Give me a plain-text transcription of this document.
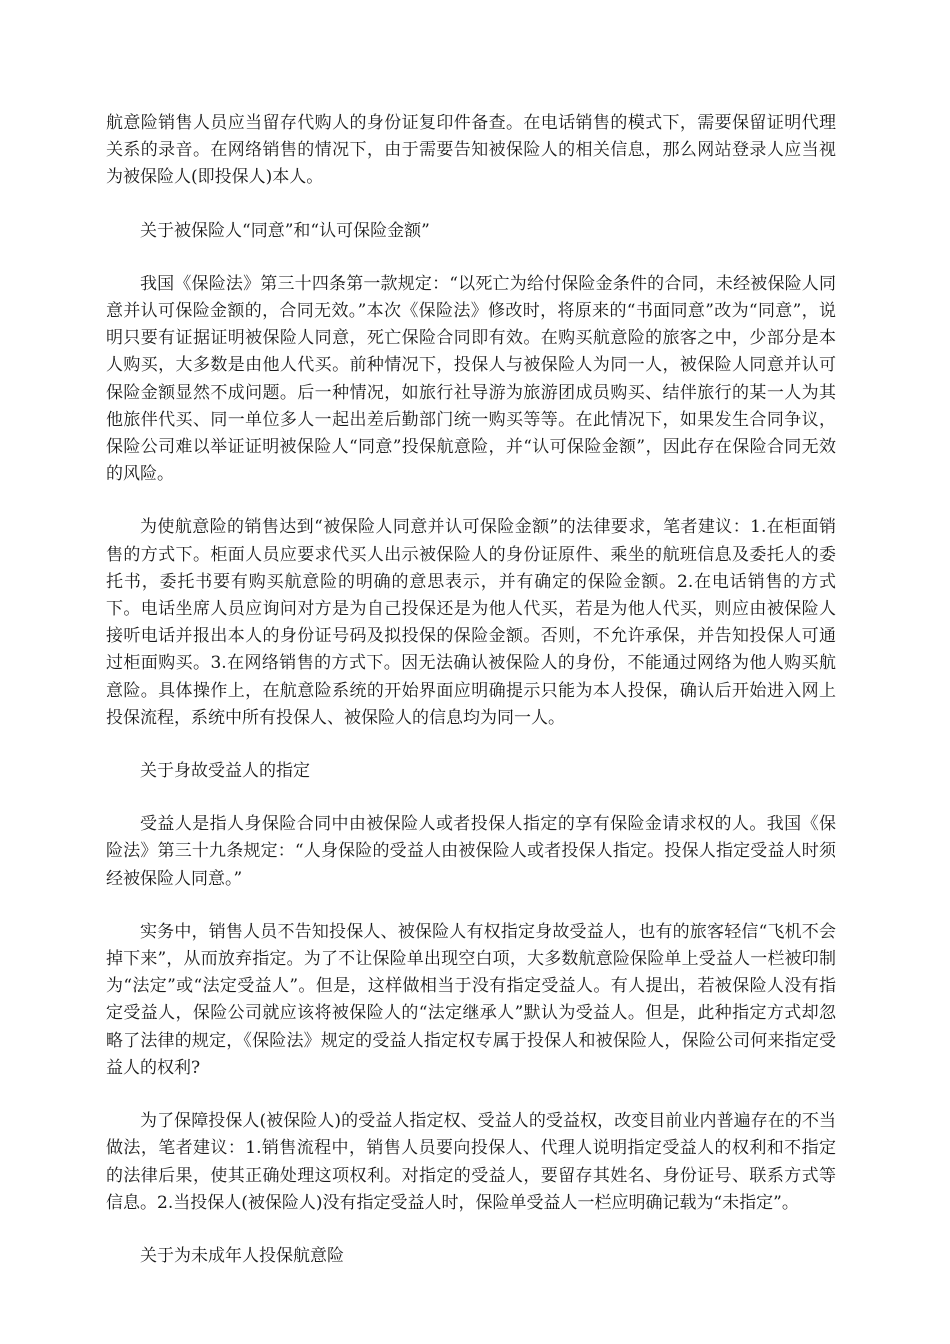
航意险销售人员应当留存代购人的身份证复印件备查。在电话销售的模式下，需要保留证明代理关系的录音。在网络销售的情况下，由于需要告知被保险人的相关信息，那么网站登录人应当视为被保险人(即投保人)本人。

关于被保险人“同意”和“认可保险金额”

我国《保险法》第三十四条第一款规定：“以死亡为给付保险金条件的合同，未经被保险人同意并认可保险金额的，合同无效。”本次《保险法》修改时，将原来的“书面同意”改为“同意”，说明只要有证据证明被保险人同意，死亡保险合同即有效。在购买航意险的旅客之中，少部分是本人购买，大多数是由他人代买。前种情况下，投保人与被保险人为同一人，被保险人同意并认可保险金额显然不成问题。后一种情况，如旅行社导游为旅游团成员购买、结伴旅行的某一人为其他旅伴代买、同一单位多人一起出差后勤部门统一购买等等。在此情况下，如果发生合同争议，保险公司难以举证证明被保险人“同意”投保航意险，并“认可保险金额”，因此存在保险合同无效的风险。

为使航意险的销售达到“被保险人同意并认可保险金额”的法律要求，笔者建议：1.在柜面销售的方式下。柜面人员应要求代买人出示被保险人的身份证原件、乘坐的航班信息及委托人的委托书，委托书要有购买航意险的明确的意思表示，并有确定的保险金额。2.在电话销售的方式下。电话坐席人员应询问对方是为自己投保还是为他人代买，若是为他人代买，则应由被保险人接听电话并报出本人的身份证号码及拟投保的保险金额。否则，不允许承保，并告知投保人可通过柜面购买。3.在网络销售的方式下。因无法确认被保险人的身份，不能通过网络为他人购买航意险。具体操作上，在航意险系统的开始界面应明确提示只能为本人投保，确认后开始进入网上投保流程，系统中所有投保人、被保险人的信息均为同一人。

关于身故受益人的指定

受益人是指人身保险合同中由被保险人或者投保人指定的享有保险金请求权的人。我国《保险法》第三十九条规定：“人身保险的受益人由被保险人或者投保人指定。投保人指定受益人时须经被保险人同意。”

实务中，销售人员不告知投保人、被保险人有权指定身故受益人，也有的旅客轻信“飞机不会掉下来”，从而放弃指定。为了不让保险单出现空白项，大多数航意险保险单上受益人一栏被印制为“法定”或“法定受益人”。但是，这样做相当于没有指定受益人。有人提出，若被保险人没有指定受益人，保险公司就应该将被保险人的“法定继承人”默认为受益人。但是，此种指定方式却忽略了法律的规定，《保险法》规定的受益人指定权专属于投保人和被保险人，保险公司何来指定受益人的权利?

为了保障投保人(被保险人)的受益人指定权、受益人的受益权，改变目前业内普遍存在的不当做法，笔者建议：1.销售流程中，销售人员要向投保人、代理人说明指定受益人的权利和不指定的法律后果，使其正确处理这项权利。对指定的受益人，要留存其姓名、身份证号、联系方式等信息。2.当投保人(被保险人)没有指定受益人时，保险单受益人一栏应明确记载为“未指定”。

关于为未成年人投保航意险
